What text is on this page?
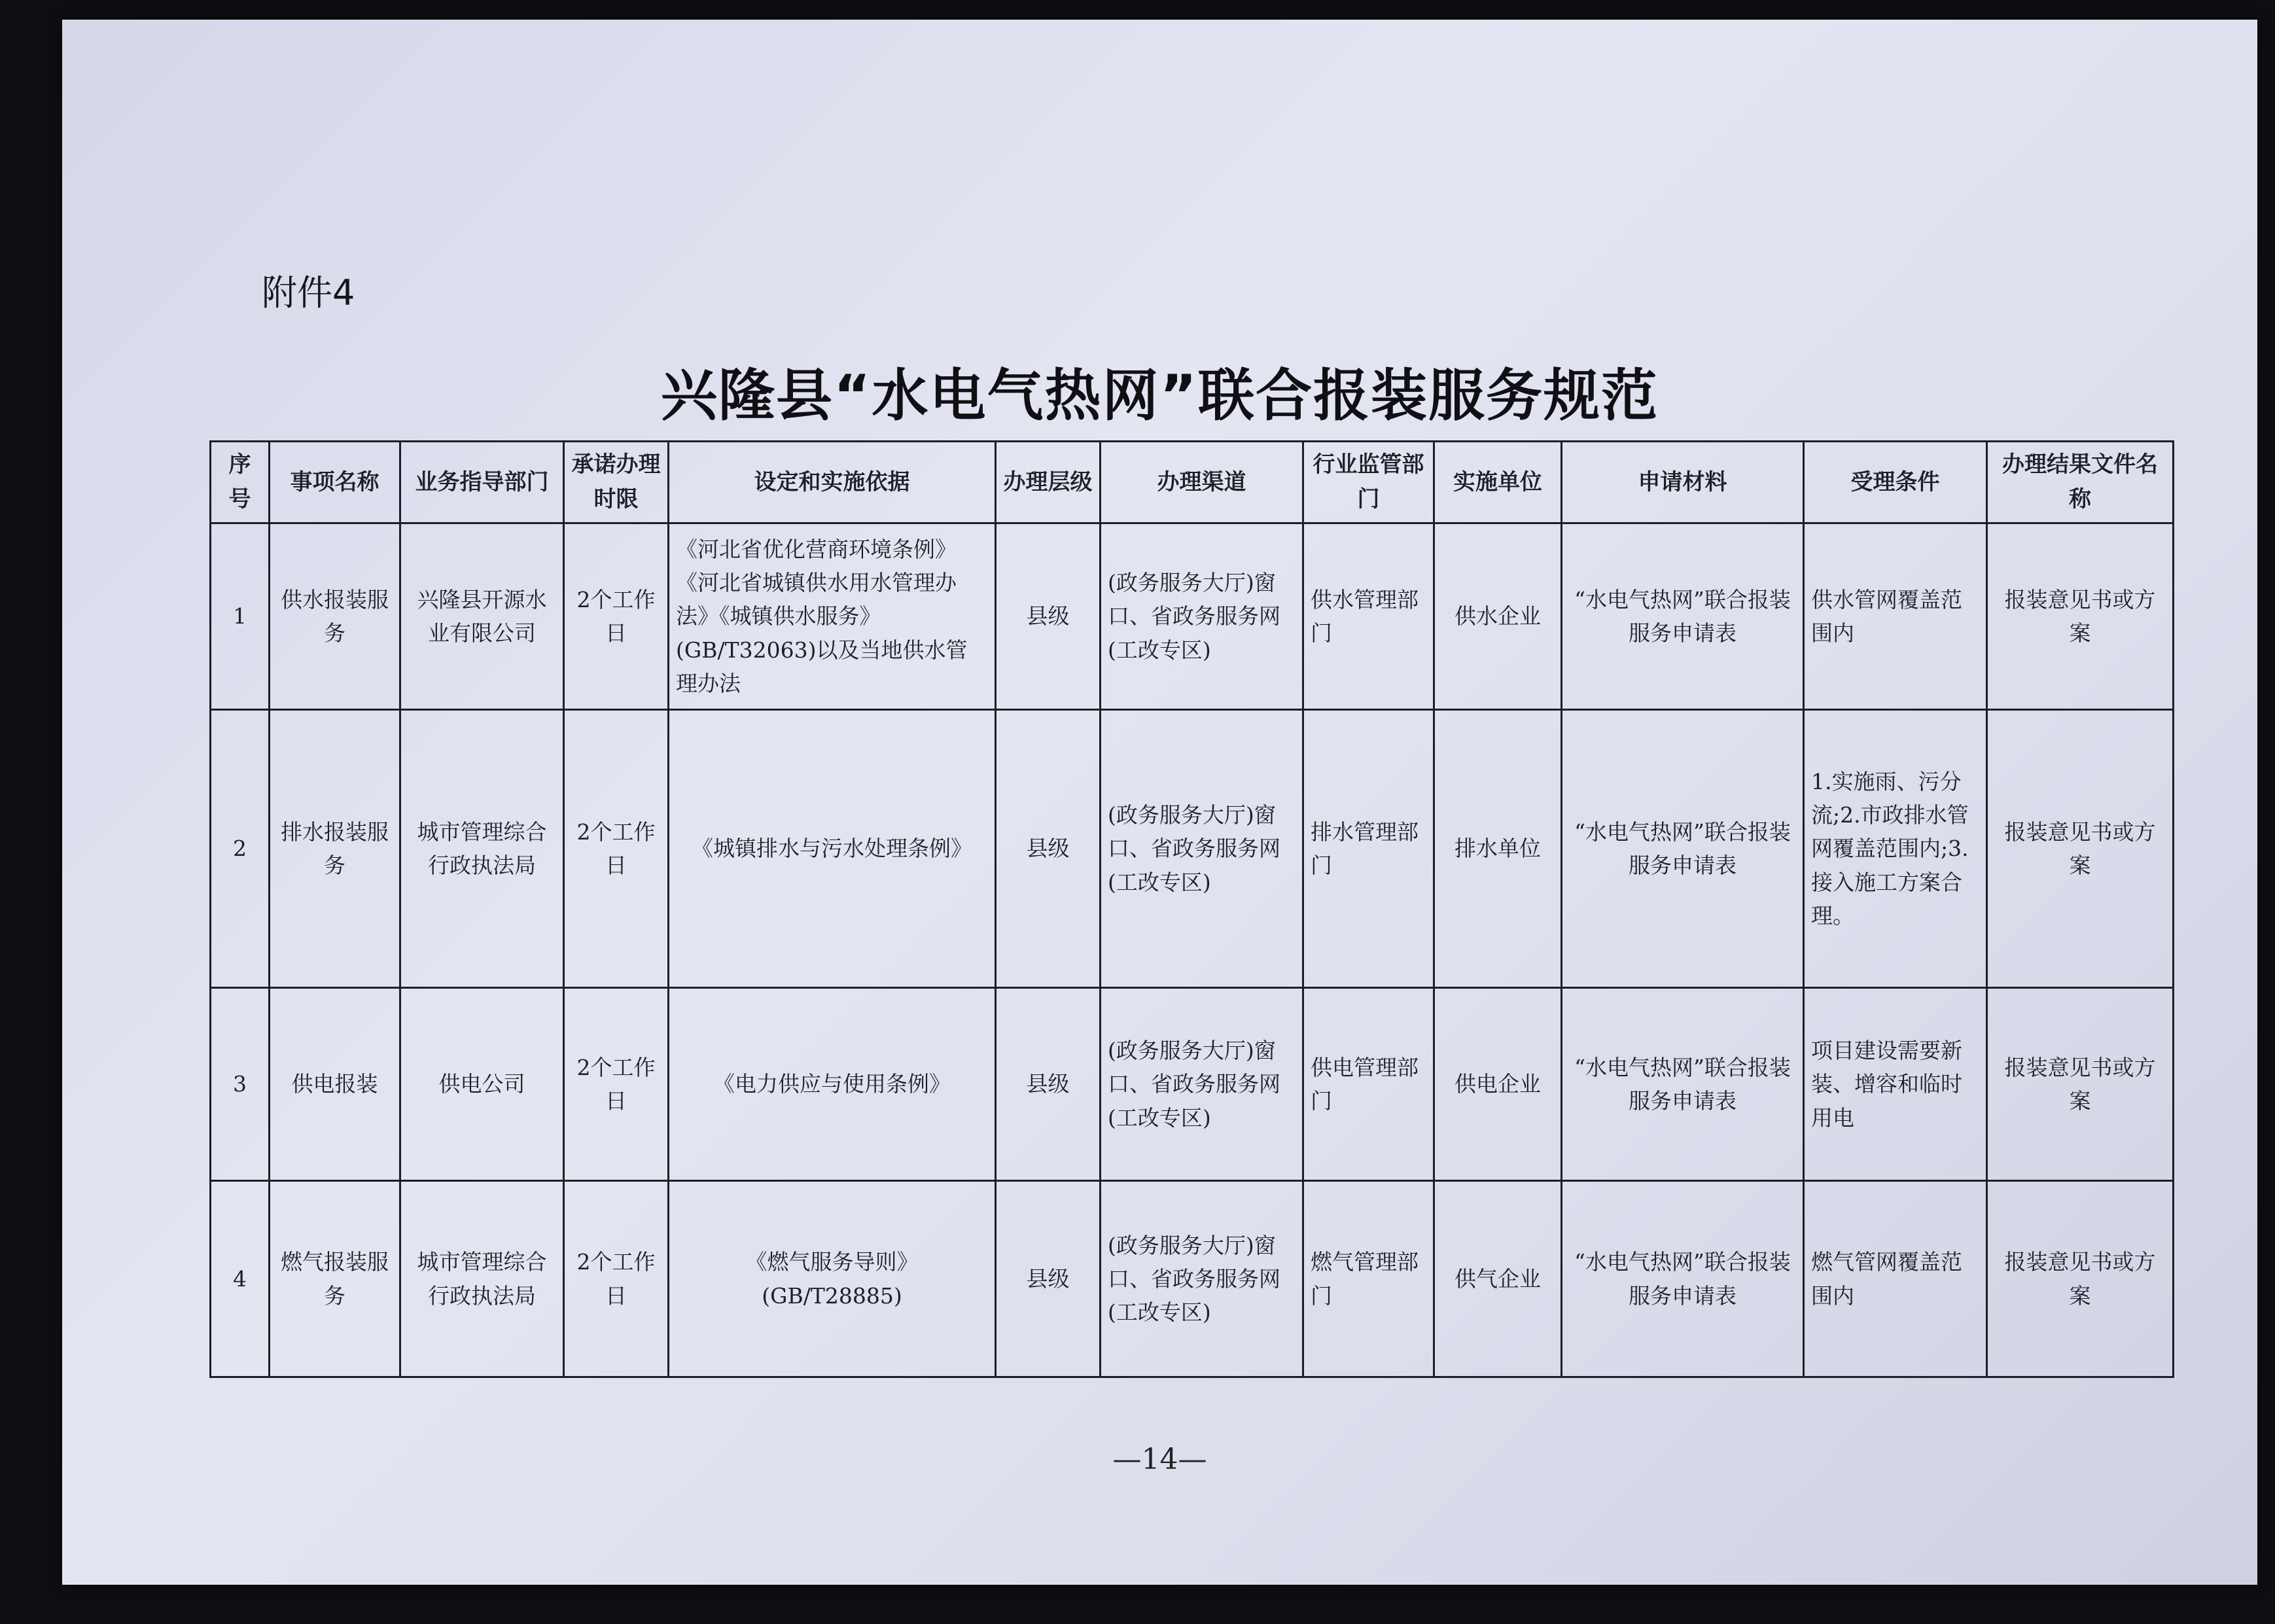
附件4
兴隆县“水电气热网”联合报装服务规范
序号	事项名称	业务指导部门	承诺办理时限	设定和实施依据	办理层级	办理渠道	行业监管部门	实施单位	申请材料	受理条件	办理结果文件名称
1	供水报装服务	兴隆县开源水业有限公司	2个工作日	《河北省优化营商环境条例》《河北省城镇供水用水管理办法》《城镇供水服务》(GB/T32063)以及当地供水管理办法	县级	(政务服务大厅)窗口、省政务服务网(工改专区)	供水管理部门	供水企业	“水电气热网”联合报装服务申请表	供水管网覆盖范围内	报装意见书或方案
2	排水报装服务	城市管理综合行政执法局	2个工作日	《城镇排水与污水处理条例》	县级	(政务服务大厅)窗口、省政务服务网(工改专区)	排水管理部门	排水单位	“水电气热网”联合报装服务申请表	1.实施雨、污分流;2.市政排水管网覆盖范围内;3.接入施工方案合理。	报装意见书或方案
3	供电报装	供电公司	2个工作日	《电力供应与使用条例》	县级	(政务服务大厅)窗口、省政务服务网(工改专区)	供电管理部门	供电企业	“水电气热网”联合报装服务申请表	项目建设需要新装、增容和临时用电	报装意见书或方案
4	燃气报装服务	城市管理综合行政执法局	2个工作日	《燃气服务导则》(GB/T28885)	县级	(政务服务大厅)窗口、省政务服务网(工改专区)	燃气管理部门	供气企业	“水电气热网”联合报装服务申请表	燃气管网覆盖范围内	报装意见书或方案
—14—
